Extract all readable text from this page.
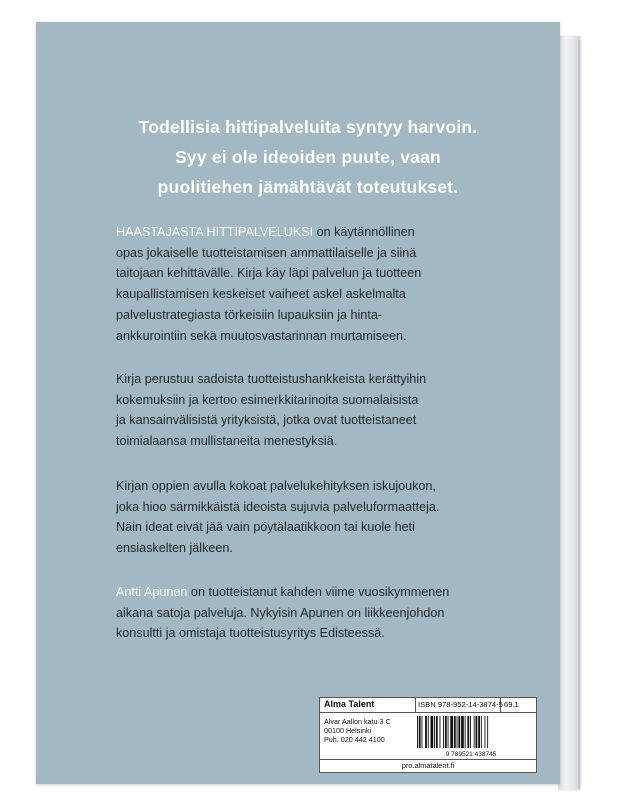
Todellisia hittipalveluita syntyy harvoin.
Syy ei ole ideoiden puute, vaan
puolitiehen jämähtävät toteutukset.
HAASTAJASTA HITTIPALVELUKSI on käytännöllinen
opas jokaiselle tuotteistamisen ammattilaiselle ja siinä
taitojaan kehittävälle. Kirja käy läpi palvelun ja tuotteen
kaupallistamisen keskeiset vaiheet askel askelmalta
palvelustrategiasta törkeisiin lupauksiin ja hinta-
ankkurointiin sekä muutosvastarinnan murtamiseen.
Kirja perustuu sadoista tuotteistushankkeista kerättyihin
kokemuksiin ja kertoo esimerkkitarinoita suomalaisista
ja kansainvälisistä yrityksistä, jotka ovat tuotteistaneet
toimialaansa mullistaneita menestyksiä.
Kirjan oppien avulla kokoat palvelukehityksen iskujoukon,
joka hioo särmikkäistä ideoista sujuvia palveluformaatteja.
Näin ideat eivät jää vain pöytälaatikkoon tai kuole heti
ensiaskelten jälkeen.
Antti Apunen on tuotteistanut kahden viime vuosikymmenen
aikana satoja palveluja. Nykyisin Apunen on liikkeenjohdon
konsultti ja omistaja tuotteistusyritys Edisteessä.
Alma Talent	ISBN 978-952-14-3874-5 69.1
Alvar Aallon katu 3 C
00100 Helsinki
Puh. 020 442 4100
9 789521 438745
pro.almatalent.fi
